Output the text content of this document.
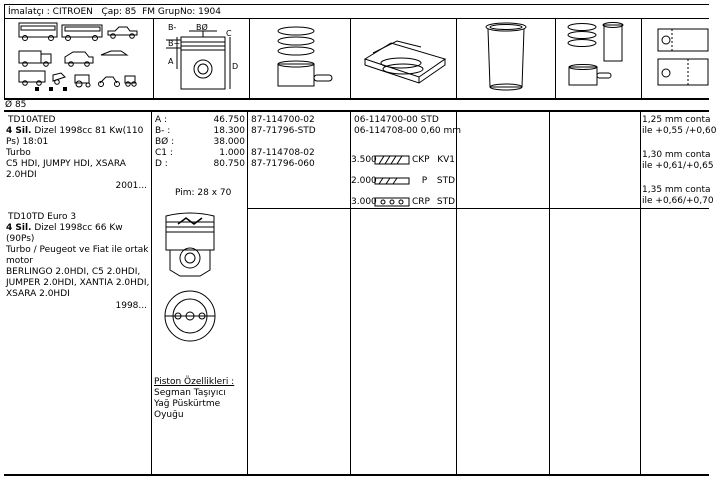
İmalatçı : CITROEN Çap: 85 FM GrupNo: 1904
B- BØ
B+
C
A
D
Ø 85
TD10ATED
4 Sil. Dizel 1998cc 81 Kw(110
Ps) 18:01
Turbo
C5 HDI, JUMPY HDI, XSARA
2.0HDI
2001...
TD10TD Euro 3
4 Sil. Dizel 1998cc 66 Kw
(90Ps)
Turbo / Peugeot ve Fiat ile ortak
motor
BERLINGO 2.0HDI, C5 2.0HDI,
JUMPER 2.0HDI, XANTIA 2.0HDI,
XSARA 2.0HDI
1998...
A :	46.750
B- :	18.300
BØ :	38.000
C1 :	1.000
D :	80.750
Pim: 28 x 70
Piston Özellikleri :
Segman Taşıyıcı
Yağ Püskürtme
Oyuğu
87-114700-02
87-71796-STD
87-114708-02
87-71796-060
06-114700-00 STD
06-114708-00 0,60 mm
3.500	CKP KV1
2.000	P	STD
3.000	CRP STD
1,25 mm conta
ile +0,55 /+0,60
1,30 mm conta
ile +0,61/+0,65
1,35 mm conta
ile +0,66/+0,70
